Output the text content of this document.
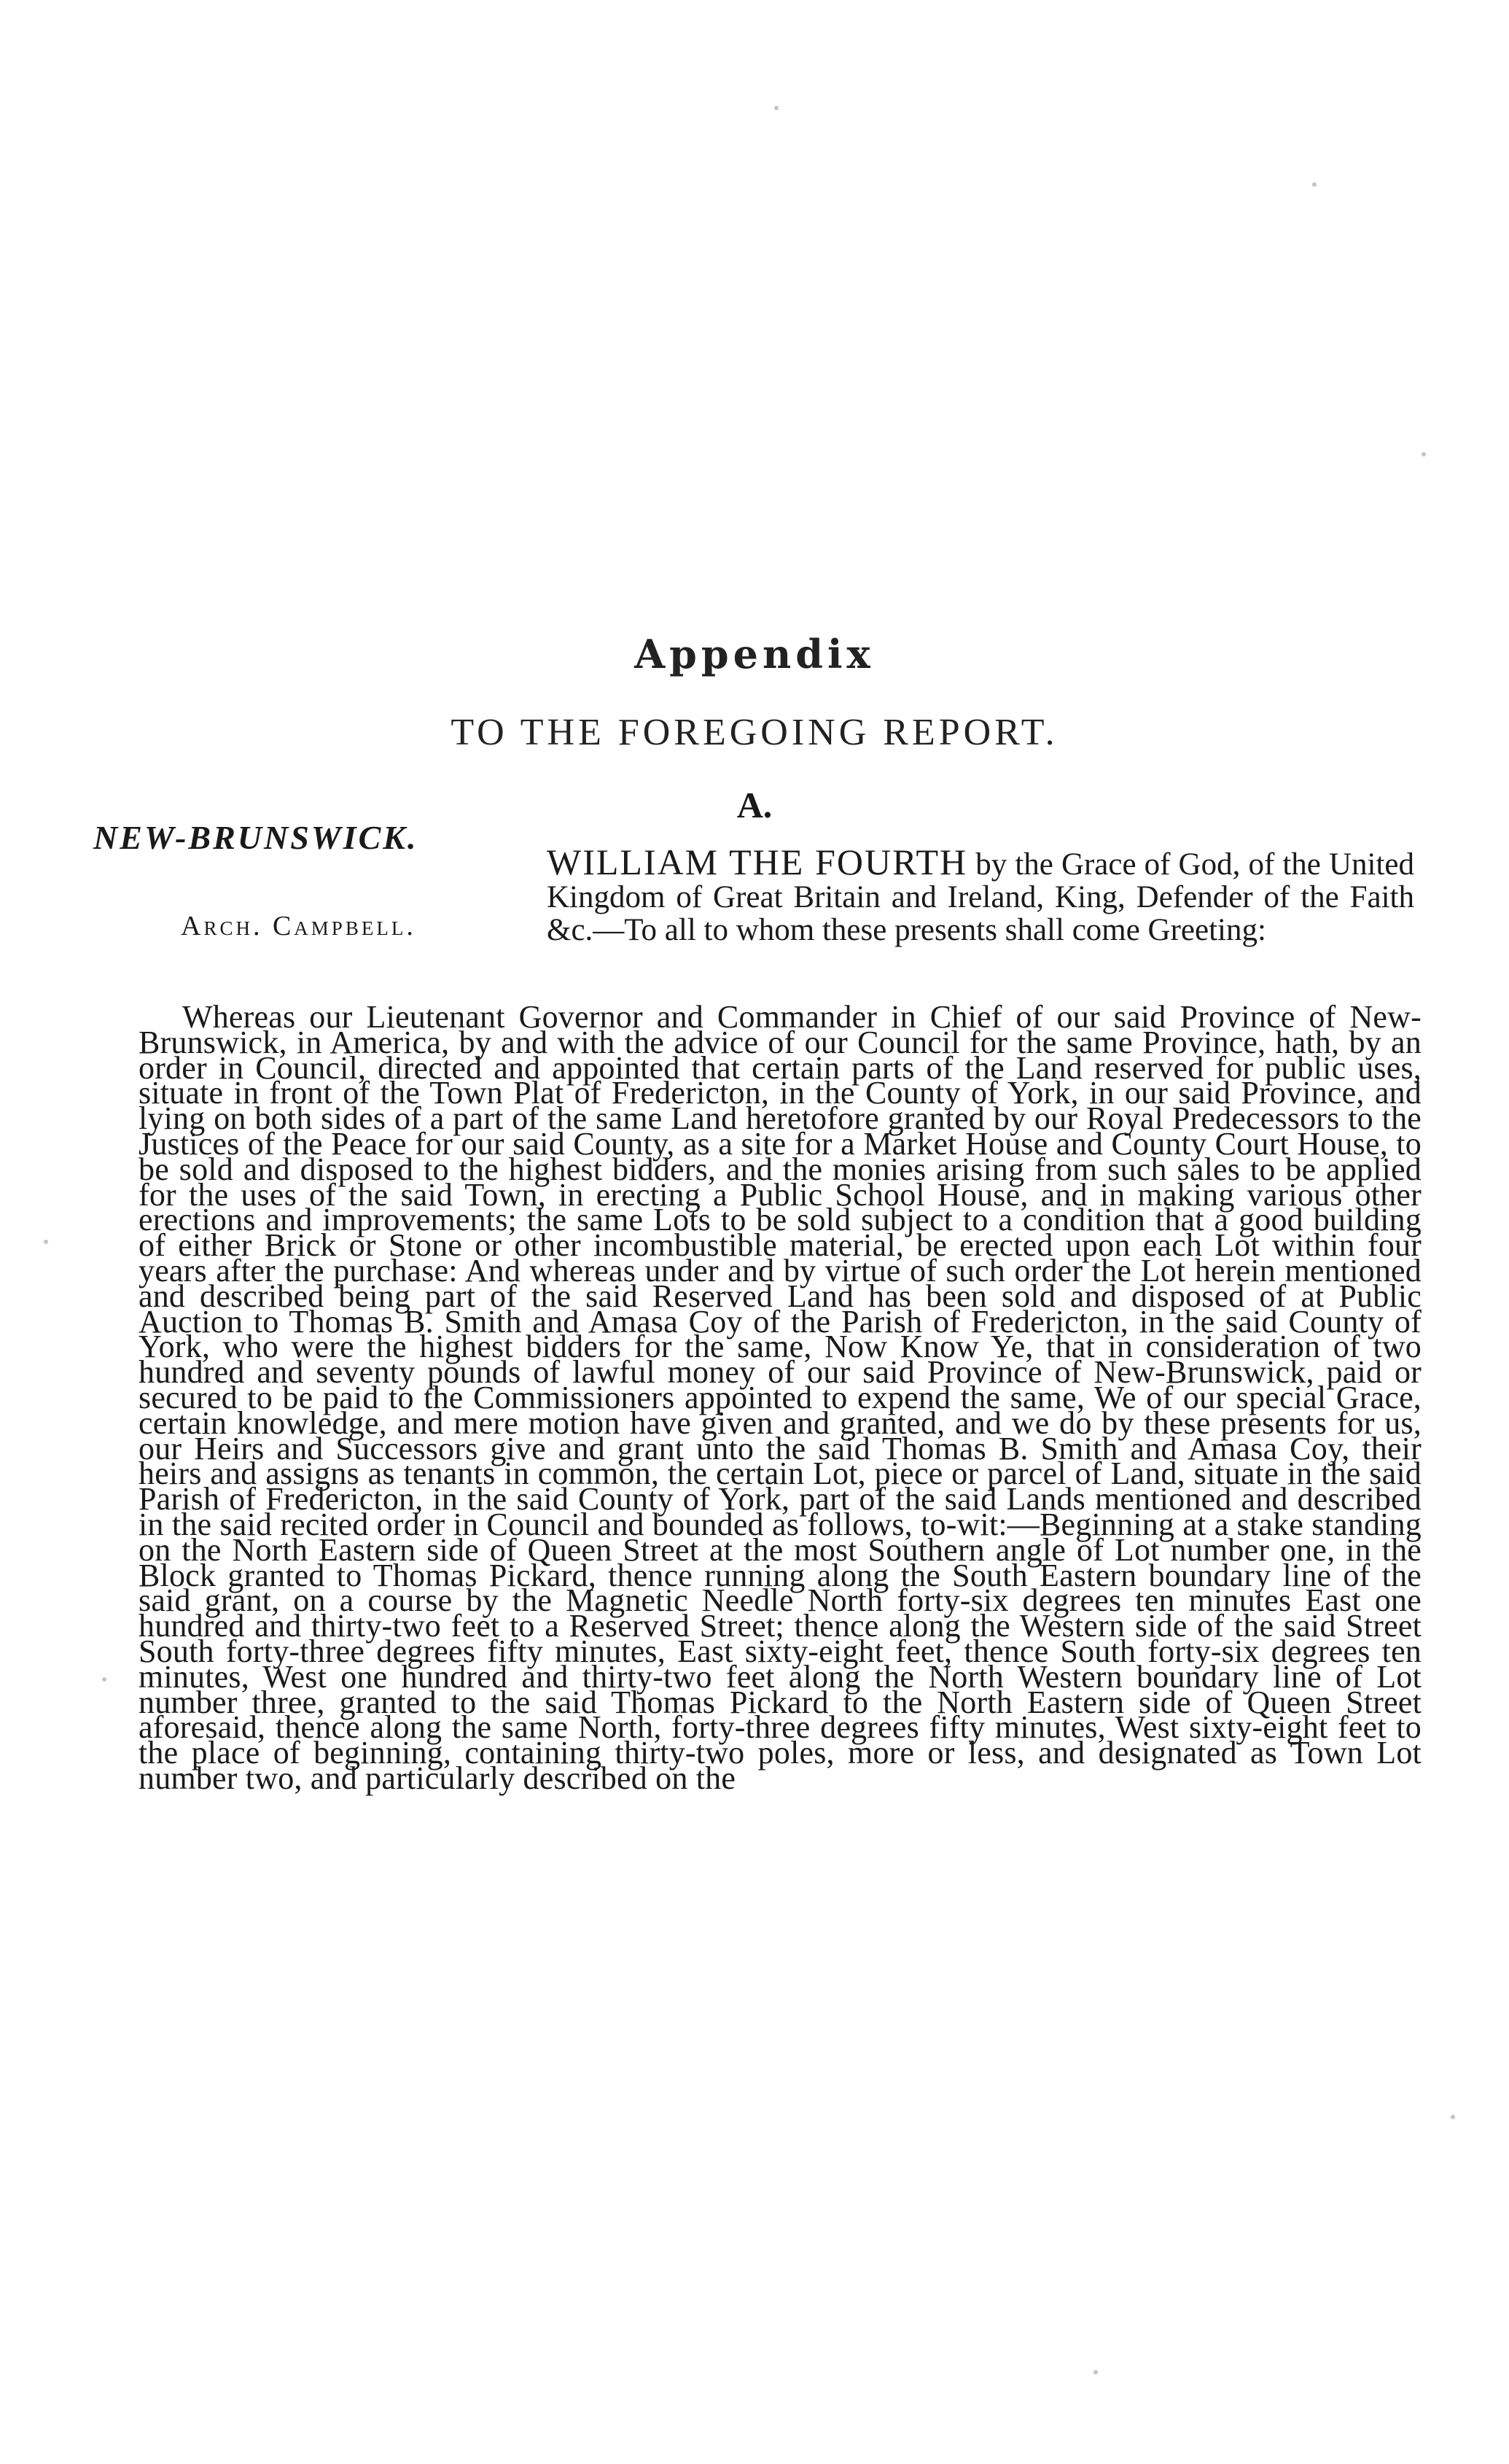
Appendix
TO THE FOREGOING REPORT.
A.
NEW-BRUNSWICK.
Arch. Campbell.
WILLIAM THE FOURTH by the Grace of God, of the United Kingdom of Great Britain and Ireland, King, Defender of the Faith &c.—To all to whom these presents shall come Greeting:
Whereas our Lieutenant Governor and Commander in Chief of our said Province of New-Brunswick, in America, by and with the advice of our Council for the same Province, hath, by an order in Council, directed and appointed that certain parts of the Land reserved for public uses, situate in front of the Town Plat of Fredericton, in the County of York, in our said Province, and lying on both sides of a part of the same Land heretofore granted by our Royal Predecessors to the Justices of the Peace for our said County, as a site for a Market House and County Court House, to be sold and disposed to the highest bidders, and the monies arising from such sales to be applied for the uses of the said Town, in erecting a Public School House, and in making various other erections and improvements; the same Lots to be sold subject to a condition that a good building of either Brick or Stone or other incombustible material, be erected upon each Lot within four years after the purchase: And whereas under and by virtue of such order the Lot herein mentioned and described being part of the said Reserved Land has been sold and disposed of at Public Auction to Thomas B. Smith and Amasa Coy of the Parish of Fredericton, in the said County of York, who were the highest bidders for the same, Now Know Ye, that in consideration of two hundred and seventy pounds of lawful money of our said Province of New-Brunswick, paid or secured to be paid to the Commissioners appointed to expend the same, We of our special Grace, certain knowledge, and mere motion have given and granted, and we do by these presents for us, our Heirs and Successors give and grant unto the said Thomas B. Smith and Amasa Coy, their heirs and assigns as tenants in common, the certain Lot, piece or parcel of Land, situate in the said Parish of Fredericton, in the said County of York, part of the said Lands mentioned and described in the said recited order in Council and bounded as follows, to-wit:—Beginning at a stake standing on the North Eastern side of Queen Street at the most Southern angle of Lot number one, in the Block granted to Thomas Pickard, thence running along the South Eastern boundary line of the said grant, on a course by the Magnetic Needle North forty-six degrees ten minutes East one hundred and thirty-two feet to a Reserved Street; thence along the Western side of the said Street South forty-three degrees fifty minutes, East sixty-eight feet, thence South forty-six degrees ten minutes, West one hundred and thirty-two feet along the North Western boundary line of Lot number three, granted to the said Thomas Pickard to the North Eastern side of Queen Street aforesaid, thence along the same North, forty-three degrees fifty minutes, West sixty-eight feet to the place of beginning, containing thirty-two poles, more or less, and designated as Town Lot number two, and particularly described on the
